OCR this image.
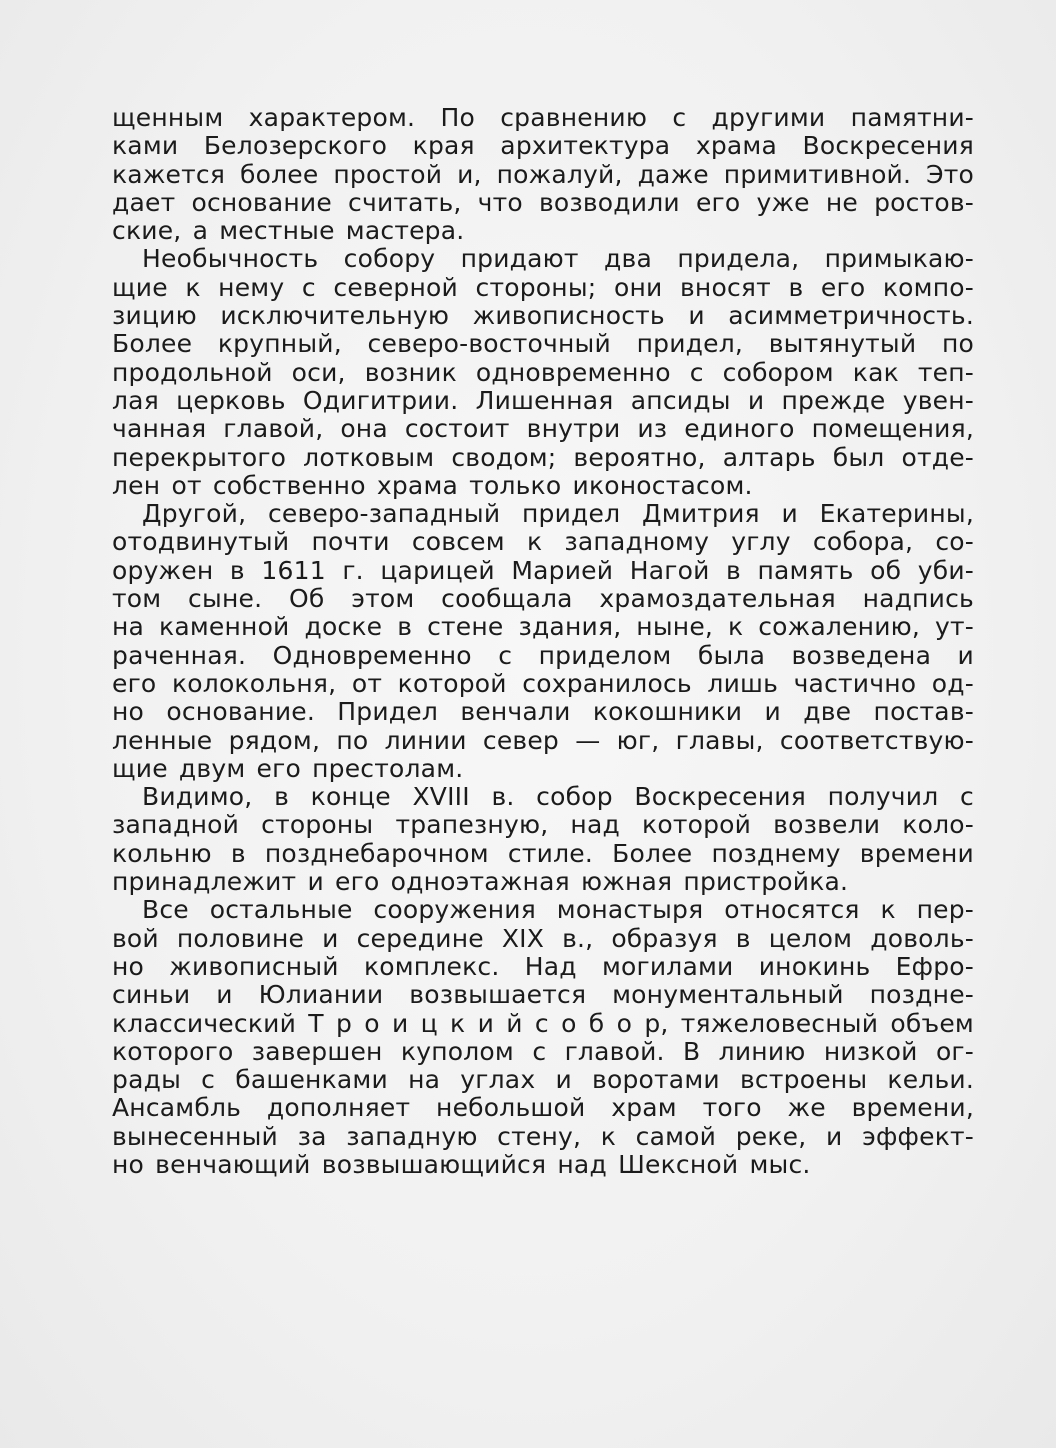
щенным характером. По сравнению с другими памятни-
ками Белозерского края архитектура храма Воскресения
кажется более простой и, пожалуй, даже примитивной. Это
дает основание считать, что возводили его уже не ростов-
ские, а местные мастера.
Необычность собору придают два придела, примыкаю-
щие к нему с северной стороны; они вносят в его компо-
зицию исключительную живописность и асимметричность.
Более крупный, северо-восточный придел, вытянутый по
продольной оси, возник одновременно с собором как теп-
лая церковь Одигитрии. Лишенная апсиды и прежде увен-
чанная главой, она состоит внутри из единого помещения,
перекрытого лотковым сводом; вероятно, алтарь был отде-
лен от собственно храма только иконостасом.
Другой, северо-западный придел Дмитрия и Екатерины,
отодвинутый почти совсем к западному углу собора, со-
оружен в 1611 г. царицей Марией Нагой в память об уби-
том сыне. Об этом сообщала храмоздательная надпись
на каменной доске в стене здания, ныне, к сожалению, ут-
раченная. Одновременно с приделом была возведена и
его колокольня, от которой сохранилось лишь частично од-
но основание. Придел венчали кокошники и две постав-
ленные рядом, по линии север — юг, главы, соответствую-
щие двум его престолам.
Видимо, в конце XVIII в. собор Воскресения получил с
западной стороны трапезную, над которой возвели коло-
кольню в позднебарочном стиле. Более позднему времени
принадлежит и его одноэтажная южная пристройка.
Все остальные сооружения монастыря относятся к пер-
вой половине и середине XIX в., образуя в целом доволь-
но живописный комплекс. Над могилами инокинь Ефро-
синьи и Юлиании возвышается монументальный поздне-
классический Т р о и ц к и й с о б о р, тяжеловесный объем
которого завершен куполом с главой. В линию низкой ог-
рады с башенками на углах и воротами встроены кельи.
Ансамбль дополняет небольшой храм того же времени,
вынесенный за западную стену, к самой реке, и эффект-
но венчающий возвышающийся над Шексной мыс.
